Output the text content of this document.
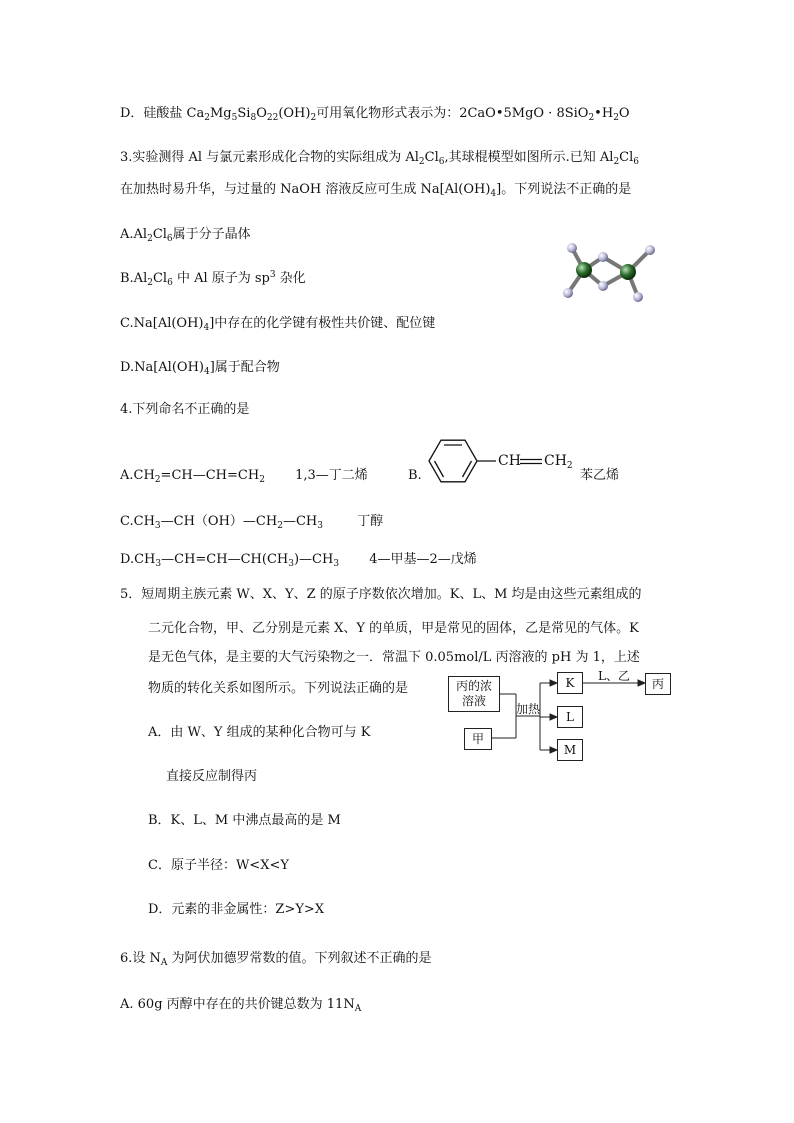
D．硅酸盐 $Ca_2Mg_5Si_8O_{22}(OH)_2$可用氧化物形式表示为：2CaO•5MgO · $8SiO_2•H_2O$
3.实验测得 Al 与氯元素形成化合物的实际组成为 $Al_2Cl_6$,其球棍模型如图所示.已知 $Al_2Cl_6$
在加热时易升华，与过量的 NaOH 溶液反应可生成 $Na[Al(OH)_4]$。下列说法不正确的是
$A.Al_2Cl_6$属于分子晶体
$B.Al_2Cl_6$ 中 Al 原子为 $sp^3$ 杂化
$C.Na[Al(OH)_4]$中存在的化学键有极性共价键、配位键
$D.Na[Al(OH)_4]$属于配合物
4.下列命名不正确的是
$A.CH_2=CH—CH=CH_2$ 1,3—丁二烯	B.
CH $CH_2$
苯乙烯
$C.CH_3—CH(OH)—CH_2—CH_3$	丁醇
$D.CH_3—CH=CH—CH(CH_3)—CH_3$ 4—甲基—2—戊烯
5．短周期主族元素 W、X、Y、Z 的原子序数依次增加。K、L、M 均是由这些元素组成的
二元化合物，甲、乙分别是元素 X、Y 的单质，甲是常见的固体，乙是常见的气体。K
是无色气体，是主要的大气污染物之一．常温下 0.05mol/L 丙溶液的 pH 为 1，上述
物质的转化关系如图所示。下列说法正确的是
A．由 W、Y 组成的某种化合物可与 K
直接反应制得丙
B．K、L、M 中沸点最高的是 M
C．原子半径：W<X<Y
D．元素的非金属性：Z>Y>X
丙的浓
溶液
甲
加热
K
L
M
L、乙
丙
6.设 $N_A$ 为阿伏加德罗常数的值。下列叙述不正确的是
A. 60g 丙醇中存在的共价键总数为 $11N_A$
